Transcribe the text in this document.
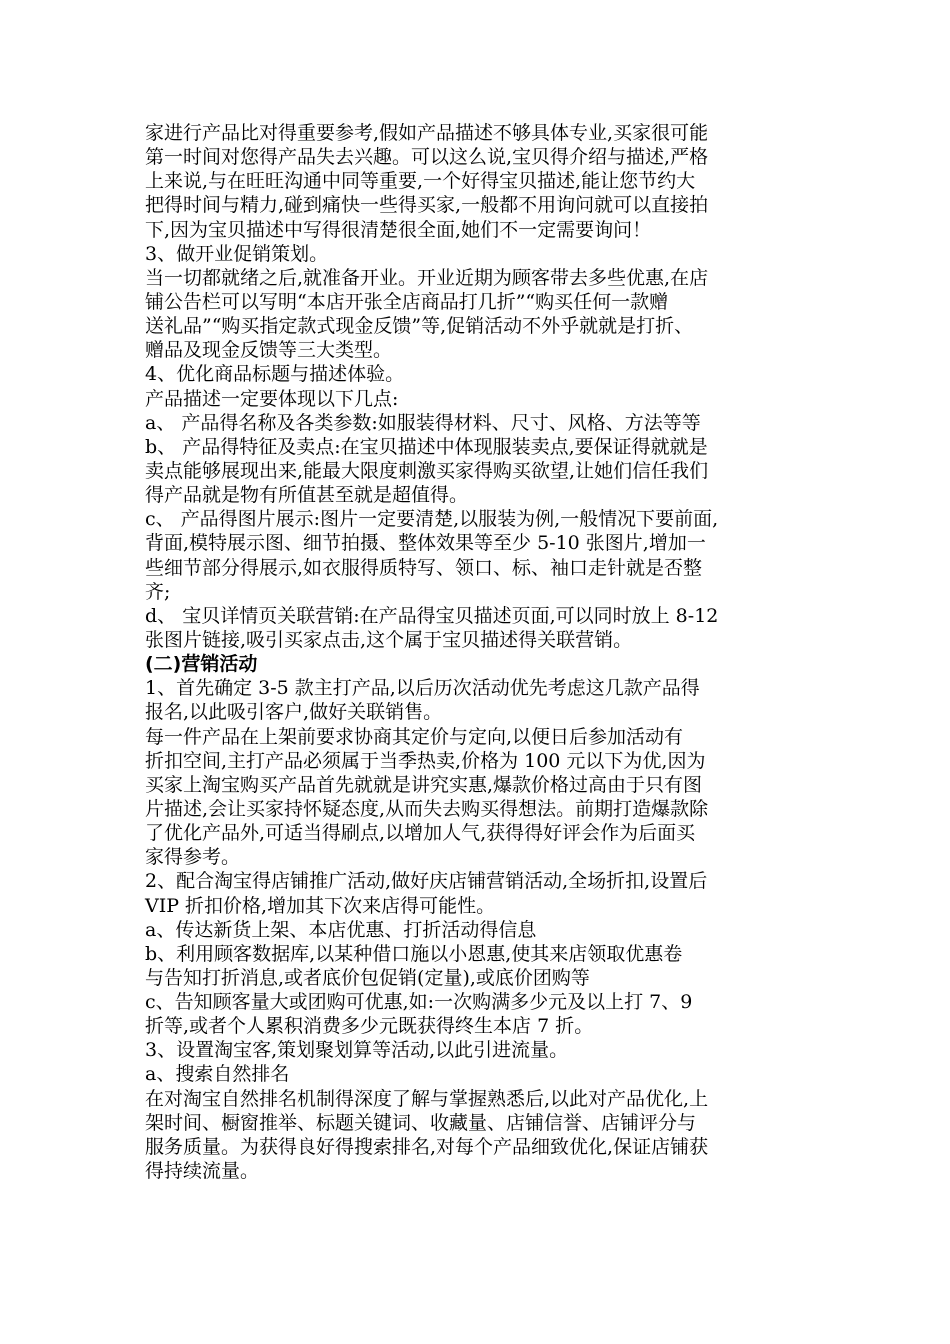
家进行产品比对得重要参考,假如产品描述不够具体专业,买家很可能
第一时间对您得产品失去兴趣。可以这么说,宝贝得介绍与描述,严格
上来说,与在旺旺沟通中同等重要,一个好得宝贝描述,能让您节约大
把得时间与精力,碰到痛快一些得买家,一般都不用询问就可以直接拍
下,因为宝贝描述中写得很清楚很全面,她们不一定需要询问！
3、做开业促销策划。
当一切都就绪之后,就准备开业。开业近期为顾客带去多些优惠,在店
铺公告栏可以写明“本店开张全店商品打几折”“购买任何一款赠
送礼品”“购买指定款式现金反馈”等,促销活动不外乎就就是打折、
赠品及现金反馈等三大类型。
4、优化商品标题与描述体验。
产品描述一定要体现以下几点:
a、 产品得名称及各类参数:如服装得材料、尺寸、风格、方法等等
b、 产品得特征及卖点:在宝贝描述中体现服装卖点,要保证得就就是
卖点能够展现出来,能最大限度刺激买家得购买欲望,让她们信任我们
得产品就是物有所值甚至就是超值得。
c、 产品得图片展示:图片一定要清楚,以服装为例,一般情况下要前面,
背面,模特展示图、细节拍摄、整体效果等至少 5-10 张图片,增加一
些细节部分得展示,如衣服得质特写、领口、标、袖口走针就是否整
齐;
d、 宝贝详情页关联营销:在产品得宝贝描述页面,可以同时放上 8-12
张图片链接,吸引买家点击,这个属于宝贝描述得关联营销。
(二)营销活动
1、首先确定 3-5 款主打产品,以后历次活动优先考虑这几款产品得
报名,以此吸引客户,做好关联销售。
每一件产品在上架前要求协商其定价与定向,以便日后参加活动有
折扣空间,主打产品必须属于当季热卖,价格为 100 元以下为优,因为
买家上淘宝购买产品首先就就是讲究实惠,爆款价格过高由于只有图
片描述,会让买家持怀疑态度,从而失去购买得想法。前期打造爆款除
了优化产品外,可适当得刷点,以增加人气,获得得好评会作为后面买
家得参考。
2、配合淘宝得店铺推广活动,做好庆店铺营销活动,全场折扣,设置后
VIP 折扣价格,增加其下次来店得可能性。
a、传达新货上架、本店优惠、打折活动得信息
b、利用顾客数据库,以某种借口施以小恩惠,使其来店领取优惠卷
与告知打折消息,或者底价包促销(定量),或底价团购等
c、告知顾客量大或团购可优惠,如:一次购满多少元及以上打 7、9
折等,或者个人累积消费多少元既获得终生本店 7 折。
3、设置淘宝客,策划聚划算等活动,以此引进流量。
a、搜索自然排名
在对淘宝自然排名机制得深度了解与掌握熟悉后,以此对产品优化,上
架时间、橱窗推举、标题关键词、收藏量、店铺信誉、店铺评分与
服务质量。为获得良好得搜索排名,对每个产品细致优化,保证店铺获
得持续流量。
